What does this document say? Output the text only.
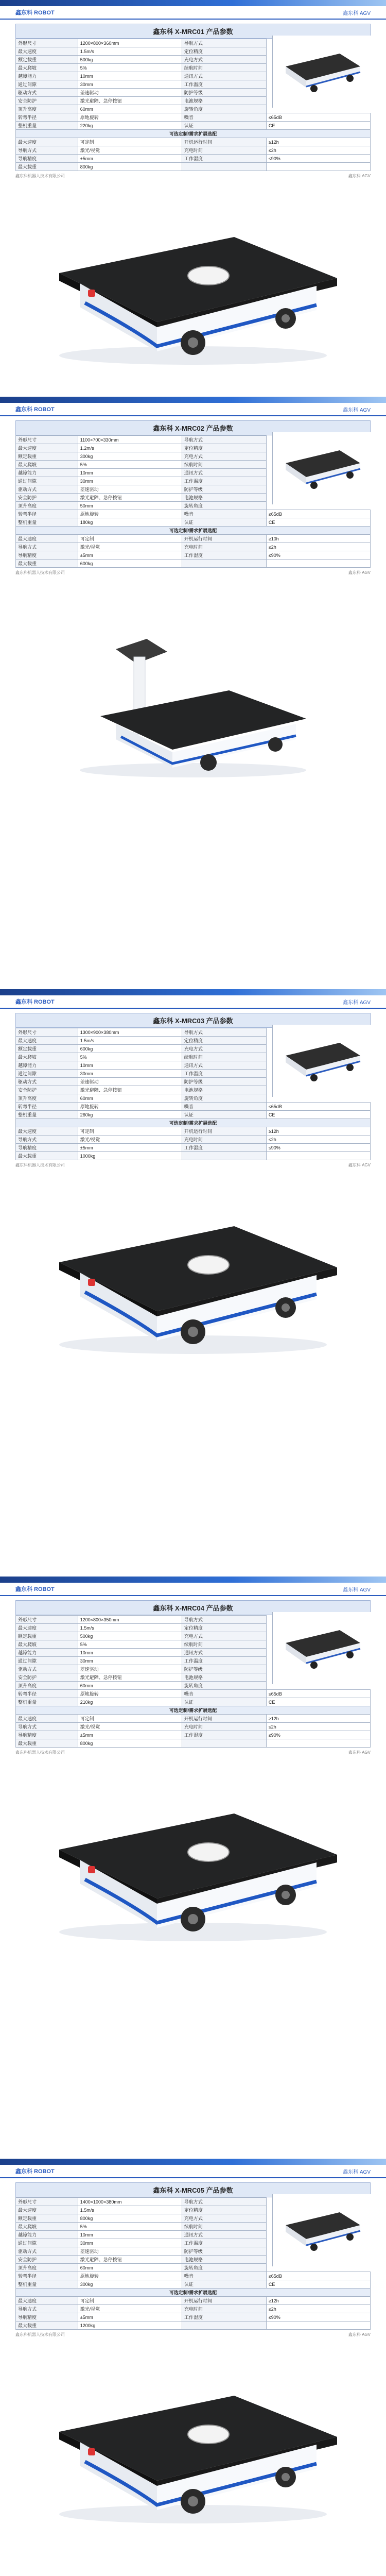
鑫东科 ROBOT	鑫东科 AGV
鑫东科 X-MRC01 产品参数
外形尺寸	1200×800×360mm	导航方式	
最大速度	1.5m/s	定位精度	
额定载重	500kg	充电方式	
最大爬坡	5%	续航时间	
越障能力	10mm	通讯方式	
通过间隙	30mm	工作温度	
驱动方式	差速驱动	防护等级	
安全防护	激光避障、急停按钮	电池规格	
顶升高度	60mm	旋转角度	
转弯半径	原地旋转	噪音	≤65dB
整机重量	220kg	认证	CE
可选定制/需求扩展选配			
最大速度	可定制	开机运行时间	≥12h
导航方式	激光/视觉	充电时间	≤2h
导航精度	±5mm	工作湿度	≤90%
最大载重	800kg		
鑫东科机器人技术有限公司	鑫东科 AGV
鑫东科 ROBOT	鑫东科 AGV
鑫东科 X-MRC02 产品参数
外形尺寸	1100×700×330mm	导航方式	
最大速度	1.2m/s	定位精度	
额定载重	300kg	充电方式	
最大爬坡	5%	续航时间	
越障能力	10mm	通讯方式	
通过间隙	30mm	工作温度	
驱动方式	差速驱动	防护等级	
安全防护	激光避障、急停按钮	电池规格	
顶升高度	50mm	旋转角度	
转弯半径	原地旋转	噪音	≤65dB
整机重量	180kg	认证	CE
可选定制/需求扩展选配			
最大速度	可定制	开机运行时间	≥10h
导航方式	激光/视觉	充电时间	≤2h
导航精度	±5mm	工作湿度	≤90%
最大载重	600kg		
鑫东科机器人技术有限公司	鑫东科 AGV
鑫东科 ROBOT	鑫东科 AGV
鑫东科 X-MRC03 产品参数
外形尺寸	1300×900×380mm	导航方式	
最大速度	1.5m/s	定位精度	
额定载重	600kg	充电方式	
最大爬坡	5%	续航时间	
越障能力	10mm	通讯方式	
通过间隙	30mm	工作温度	
驱动方式	差速驱动	防护等级	
安全防护	激光避障、急停按钮	电池规格	
顶升高度	60mm	旋转角度	
转弯半径	原地旋转	噪音	≤65dB
整机重量	260kg	认证	CE
可选定制/需求扩展选配			
最大速度	可定制	开机运行时间	≥12h
导航方式	激光/视觉	充电时间	≤2h
导航精度	±5mm	工作湿度	≤90%
最大载重	1000kg		
鑫东科机器人技术有限公司	鑫东科 AGV
鑫东科 ROBOT	鑫东科 AGV
鑫东科 X-MRC04 产品参数
外形尺寸	1200×800×350mm	导航方式	
最大速度	1.5m/s	定位精度	
额定载重	500kg	充电方式	
最大爬坡	5%	续航时间	
越障能力	10mm	通讯方式	
通过间隙	30mm	工作温度	
驱动方式	差速驱动	防护等级	
安全防护	激光避障、急停按钮	电池规格	
顶升高度	60mm	旋转角度	
转弯半径	原地旋转	噪音	≤65dB
整机重量	210kg	认证	CE
可选定制/需求扩展选配			
最大速度	可定制	开机运行时间	≥12h
导航方式	激光/视觉	充电时间	≤2h
导航精度	±5mm	工作湿度	≤90%
最大载重	800kg		
鑫东科机器人技术有限公司	鑫东科 AGV
鑫东科 ROBOT	鑫东科 AGV
鑫东科 X-MRC05 产品参数
外形尺寸	1400×1000×380mm	导航方式	
最大速度	1.5m/s	定位精度	
额定载重	800kg	充电方式	
最大爬坡	5%	续航时间	
越障能力	10mm	通讯方式	
通过间隙	30mm	工作温度	
驱动方式	差速驱动	防护等级	
安全防护	激光避障、急停按钮	电池规格	
顶升高度	60mm	旋转角度	
转弯半径	原地旋转	噪音	≤65dB
整机重量	300kg	认证	CE
可选定制/需求扩展选配			
最大速度	可定制	开机运行时间	≥12h
导航方式	激光/视觉	充电时间	≤2h
导航精度	±5mm	工作湿度	≤90%
最大载重	1200kg		
鑫东科机器人技术有限公司	鑫东科 AGV
